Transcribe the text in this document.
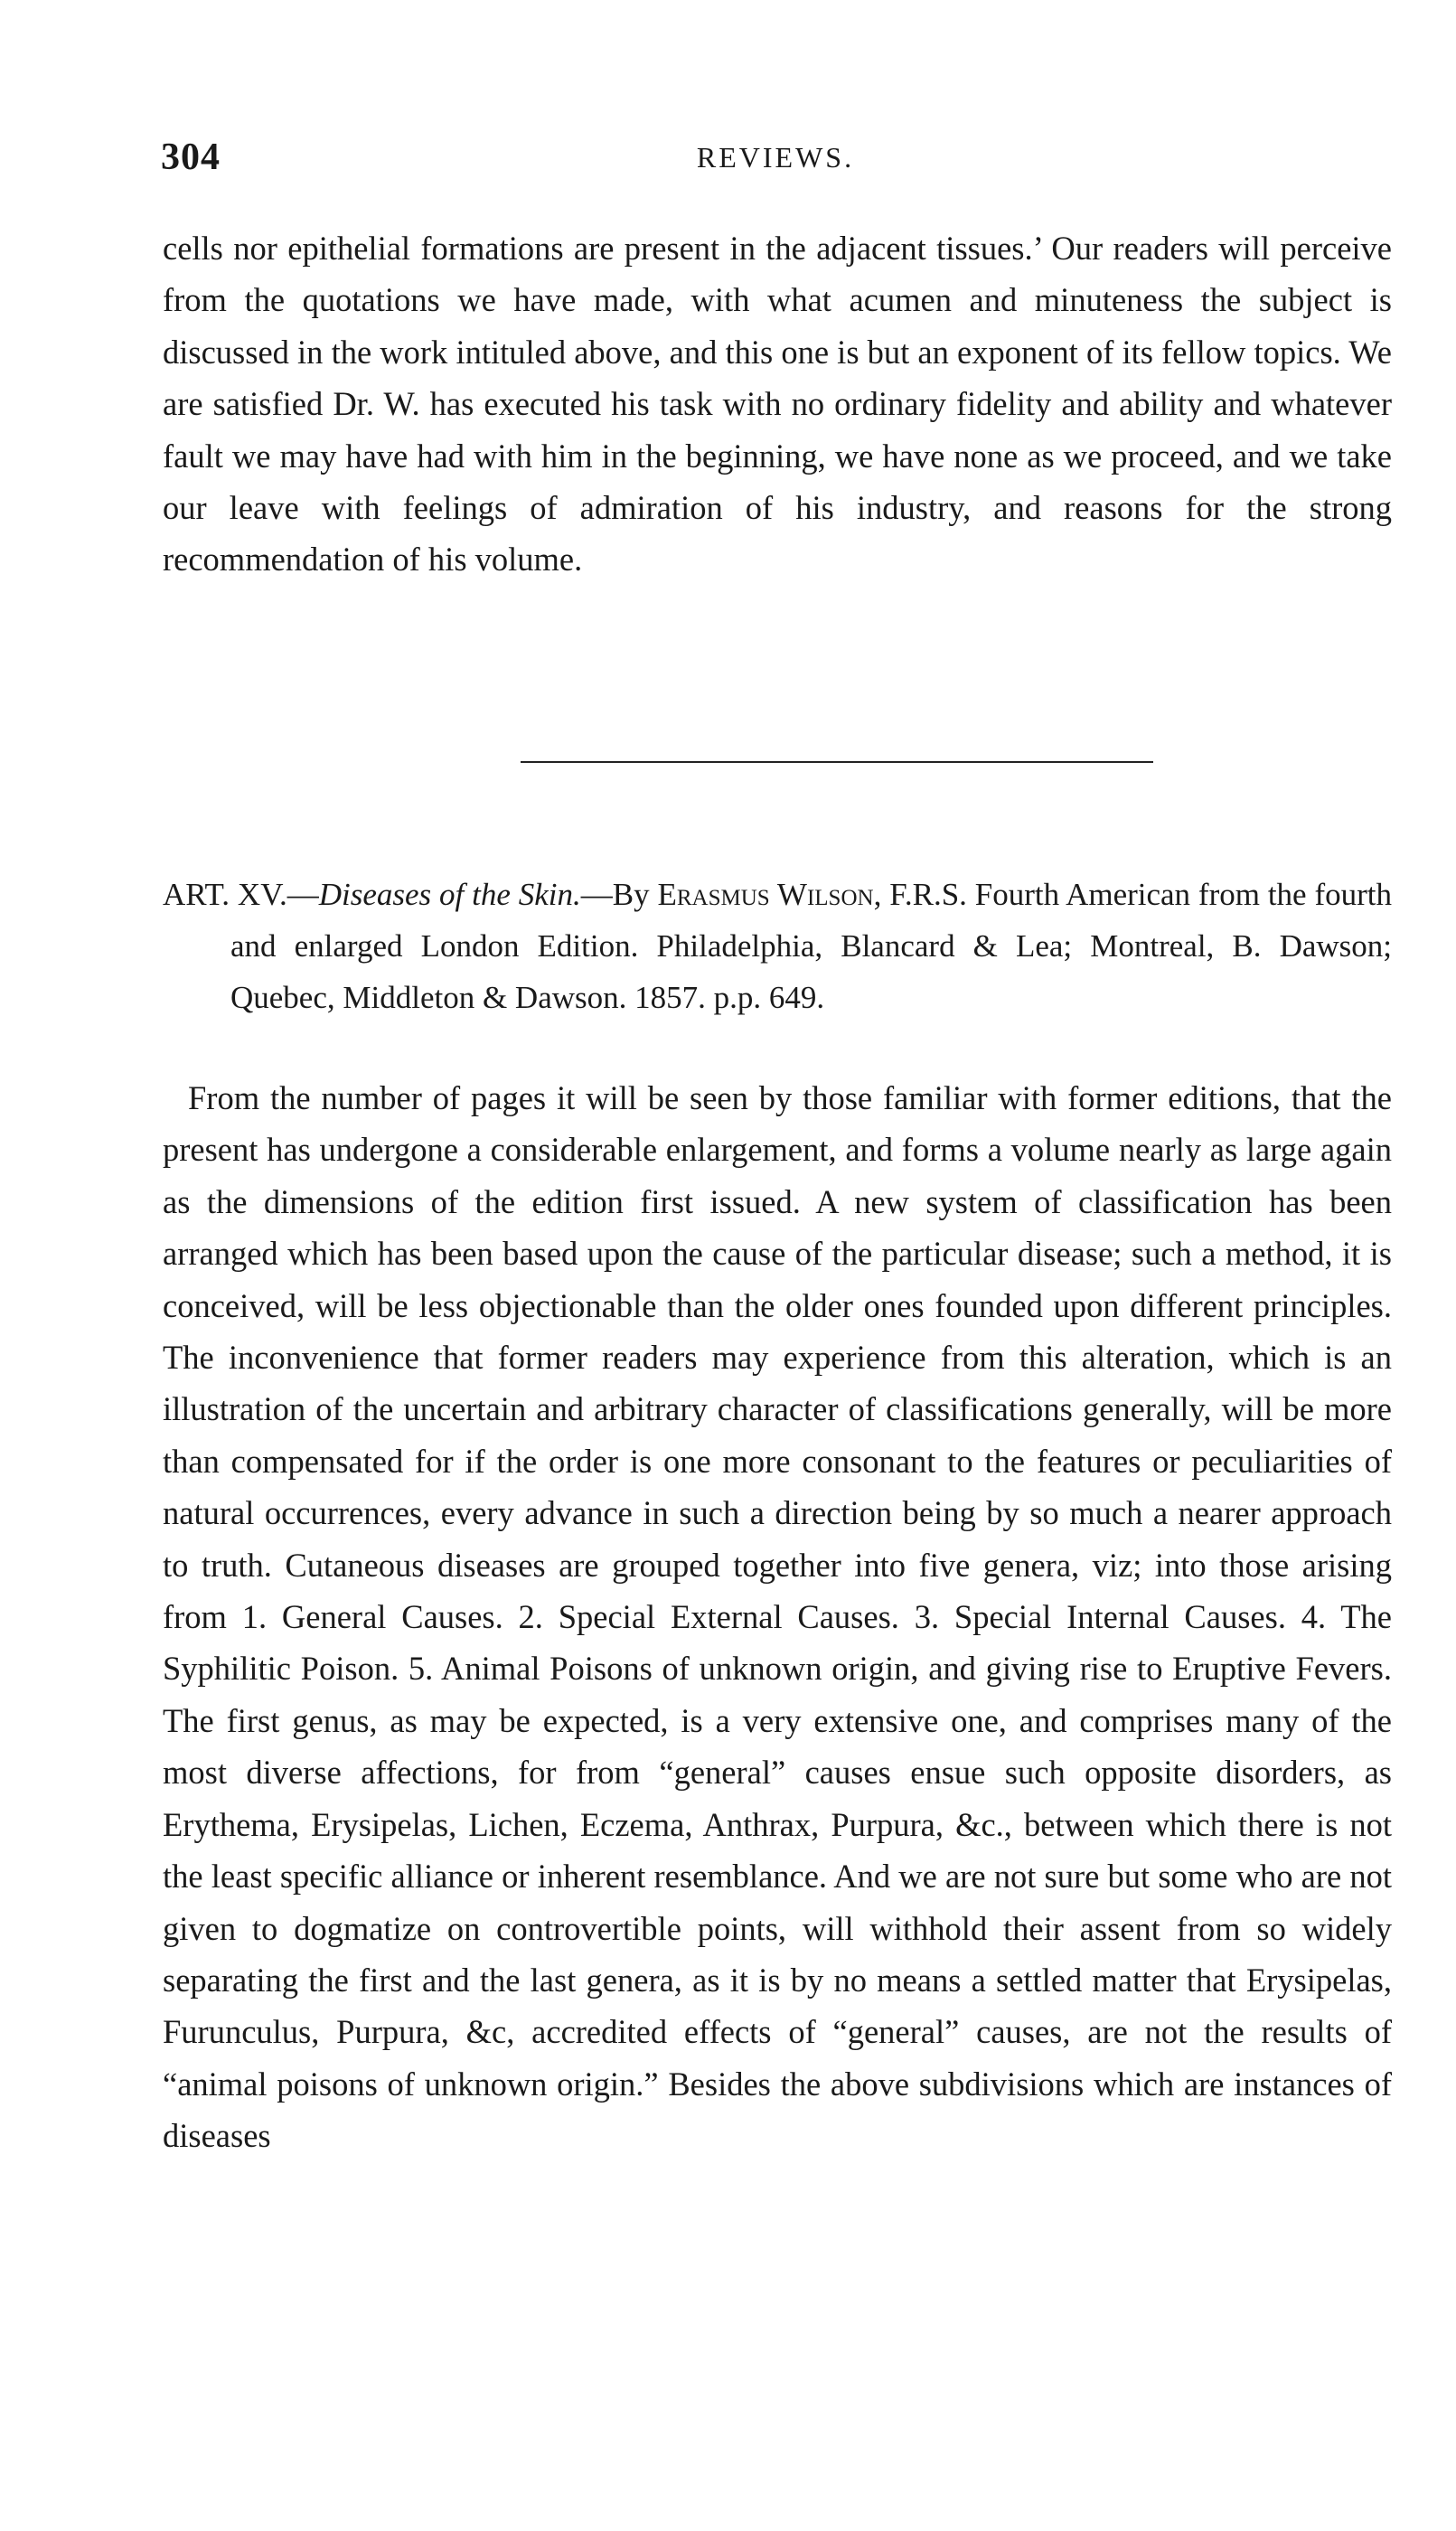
304	REVIEWS.

cells nor epithelial formations are present in the adjacent tissues.’ Our readers will perceive from the quotations we have made, with what acumen and minuteness the subject is discussed in the work intituled above, and this one is but an exponent of its fellow topics. We are satisfied Dr. W. has executed his task with no ordinary fidelity and ability and whatever fault we may have had with him in the beginning, we have none as we proceed, and we take our leave with feelings of admiration of his industry, and reasons for the strong recommendation of his volume.

ART. XV.—Diseases of the Skin.—By Erasmus Wilson, F.R.S. Fourth American from the fourth and enlarged London Edition. Philadelphia, Blancard & Lea; Montreal, B. Dawson; Quebec, Middleton & Dawson. 1857. p.p. 649.

From the number of pages it will be seen by those familiar with former editions, that the present has undergone a considerable enlargement, and forms a volume nearly as large again as the dimensions of the edition first issued. A new system of classification has been arranged which has been based upon the cause of the particular disease; such a method, it is conceived, will be less objectionable than the older ones founded upon different principles. The inconvenience that former readers may experience from this alteration, which is an illustration of the uncertain and arbitrary character of classifications generally, will be more than compensated for if the order is one more consonant to the features or peculiarities of natural occurrences, every advance in such a direction being by so much a nearer approach to truth. Cutaneous diseases are grouped together into five genera, viz; into those arising from 1. General Causes. 2. Special External Causes. 3. Special Internal Causes. 4. The Syphilitic Poison. 5. Animal Poisons of unknown origin, and giving rise to Eruptive Fevers. The first genus, as may be expected, is a very extensive one, and comprises many of the most diverse affections, for from “general” causes ensue such opposite disorders, as Erythema, Erysipelas, Lichen, Eczema, Anthrax, Purpura, &c., between which there is not the least specific alliance or inherent resemblance. And we are not sure but some who are not given to dogmatize on controvertible points, will withhold their assent from so widely separating the first and the last genera, as it is by no means a settled matter that Erysipelas, Furunculus, Purpura, &c, accredited effects of “general” causes, are not the results of “animal poisons of unknown origin.” Besides the above subdivisions which are instances of diseases
